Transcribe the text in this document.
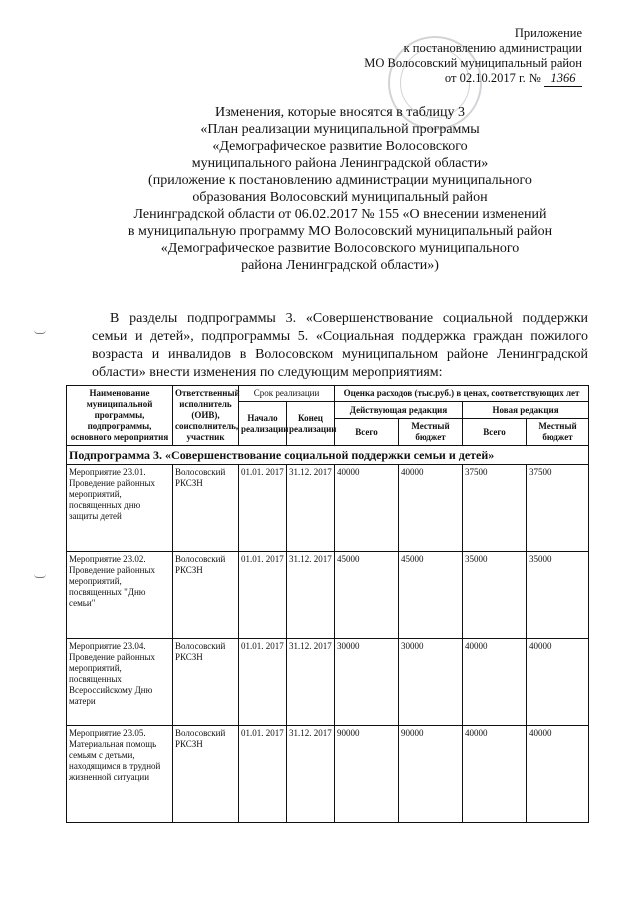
Приложение
к постановлению администрации
МО Волосовский муниципальный район
от 02.10.2017 г. № 1366
Изменения, которые вносятся в таблицу 3
«План реализации муниципальной программы
«Демографическое развитие Волосовского
муниципального района Ленинградской области»
(приложение к постановлению администрации муниципального
образования Волосовский муниципальный район
Ленинградской области от 06.02.2017 № 155 «О внесении изменений
в муниципальную программу МО Волосовский муниципальный район
«Демографическое развитие Волосовского муниципального
района Ленинградской области»)

В разделы подпрограммы 3. «Совершенствование социальной поддержки семьи и детей», подпрограммы 5. «Социальная поддержка граждан пожилого возраста и инвалидов в Волосовском муниципальном районе Ленинградской области» внести изменения по следующим мероприятиям:

Наименование муниципальной программы, подпрограммы, основного мероприятия	Ответственный исполнитель (ОИВ), соисполнитель, участник	Срок реализации		Оценка расходов (тыс.руб.) в ценах, соответствующих лет			
		Начало реализации	Конец реализации	Действующая редакция		Новая редакция	
				Всего	Местный бюджет	Всего	Местный бюджет
Подпрограмма 3. «Совершенствование социальной поддержки семьи и детей»							
Мероприятие 23.01. Проведение районных мероприятий, посвященных дню защиты детей	Волосовский РКСЗН	01.01. 2017	31.12. 2017	40000	40000	37500	37500
Мероприятие 23.02. Проведение районных мероприятий, посвященных "Дню семьи"	Волосовский РКСЗН	01.01. 2017	31.12. 2017	45000	45000	35000	35000
Мероприятие 23.04. Проведение районных мероприятий, посвященных Всероссийскому Дню матери	Волосовский РКСЗН	01.01. 2017	31.12. 2017	30000	30000	40000	40000
Мероприятие 23.05. Материальная помощь семьям с детьми, находящимся в трудной жизненной ситуации	Волосовский РКСЗН	01.01. 2017	31.12. 2017	90000	90000	40000	40000
